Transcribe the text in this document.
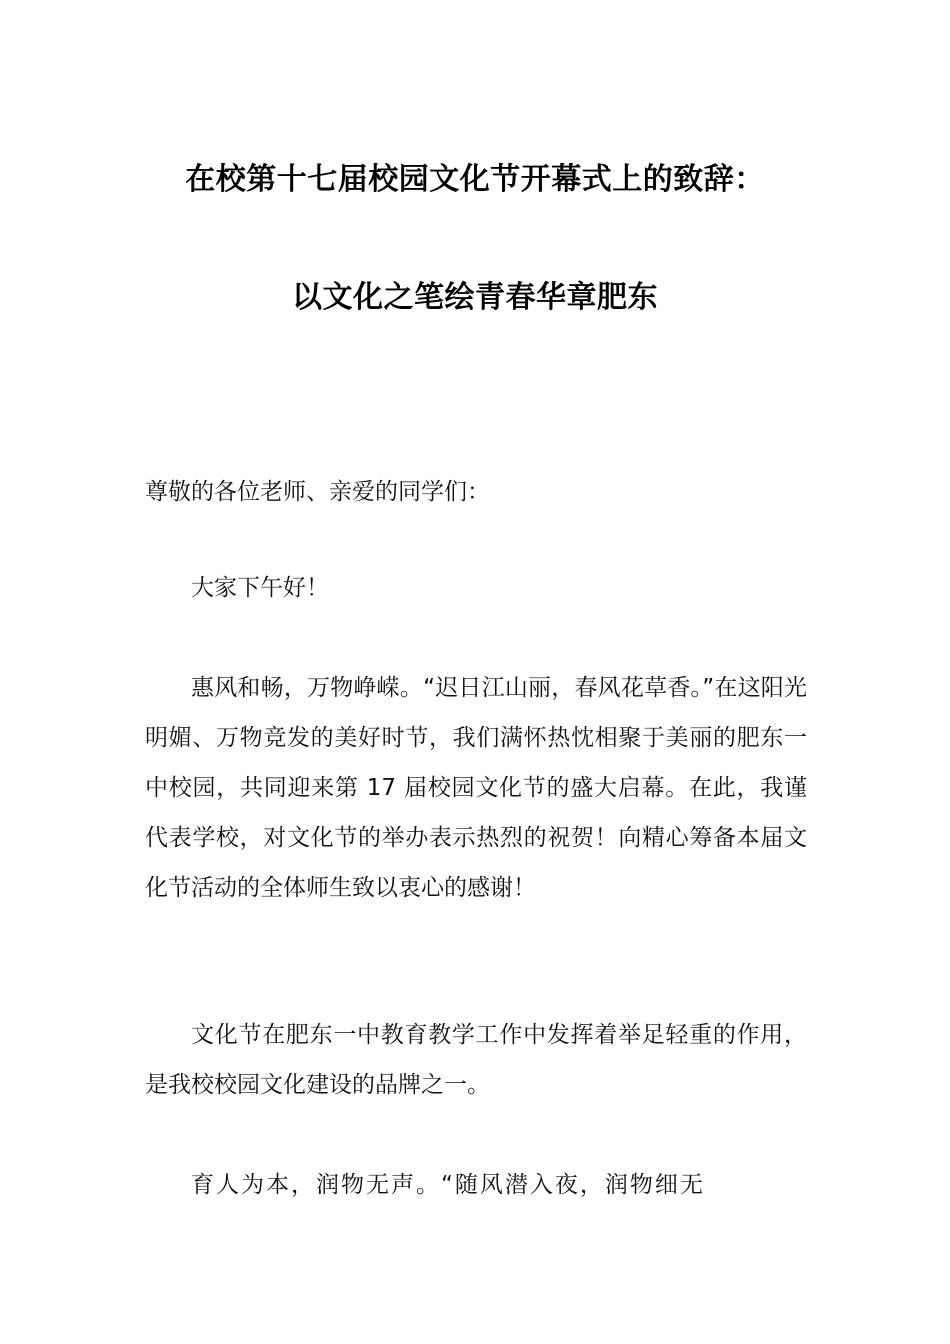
在校第十七届校园文化节开幕式上的致辞：
以文化之笔绘青春华章肥东

尊敬的各位老师、亲爱的同学们：

大家下午好！

惠风和畅，万物峥嵘。“迟日江山丽，春风花草香。”在这阳光明媚、万物竞发的美好时节，我们满怀热忱相聚于美丽的肥东一中校园，共同迎来第 17 届校园文化节的盛大启幕。在此，我谨代表学校，对文化节的举办表示热烈的祝贺！向精心筹备本届文化节活动的全体师生致以衷心的感谢！

文化节在肥东一中教育教学工作中发挥着举足轻重的作用，是我校校园文化建设的品牌之一。

育人为本，润物无声。“随风潜入夜，润物细无
